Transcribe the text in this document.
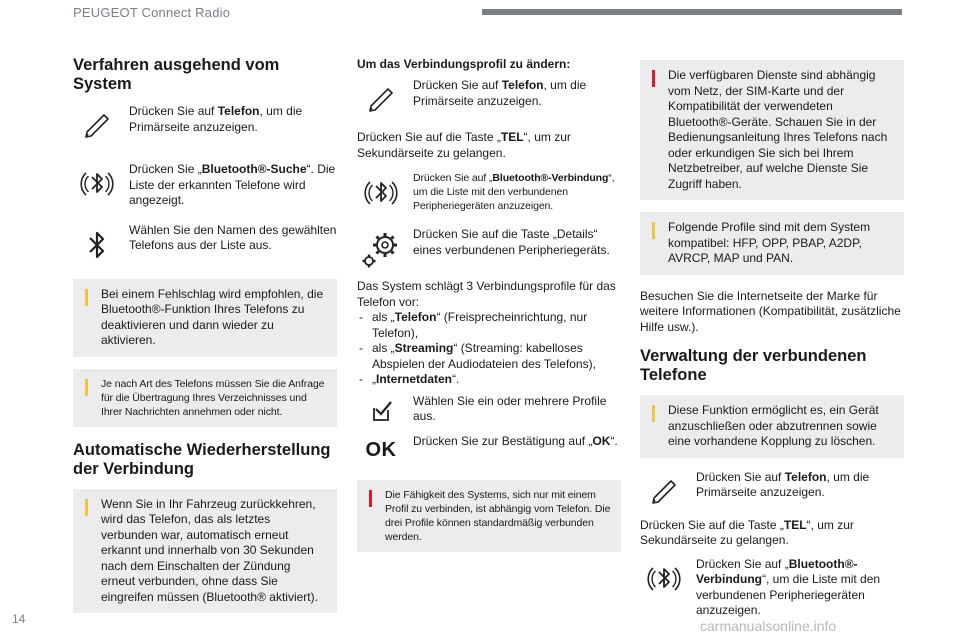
PEUGEOT Connect Radio
Verfahren ausgehend vom System
Drücken Sie auf Telefon, um die Primärseite anzuzeigen.
Drücken Sie „Bluetooth®-Suche“. Die Liste der erkannten Telefone wird angezeigt.
Wählen Sie den Namen des gewählten Telefons aus der Liste aus.

Bei einem Fehlschlag wird empfohlen, die Bluetooth®-Funktion Ihres Telefons zu deaktivieren und dann wieder zu aktivieren.

Je nach Art des Telefons müssen Sie die Anfrage für die Übertragung Ihres Verzeichnisses und Ihrer Nachrichten annehmen oder nicht.

Automatische Wiederherstellung der Verbindung

Wenn Sie in Ihr Fahrzeug zurückkehren, wird das Telefon, das als letztes verbunden war, automatisch erneut erkannt und innerhalb von 30 Sekunden nach dem Einschalten der Zündung erneut verbunden, ohne dass Sie eingreifen müssen (Bluetooth® aktiviert).

Um das Verbindungsprofil zu ändern:
Drücken Sie auf Telefon, um die Primärseite anzuzeigen.

Drücken Sie auf die Taste „TEL“, um zur Sekundärseite zu gelangen.

Drücken Sie auf „Bluetooth®-Verbindung“, um die Liste mit den verbundenen Peripheriegeräten anzuzeigen.
Drücken Sie auf die Taste „Details“ eines verbundenen Peripheriegeräts.

Das System schlägt 3 Verbindungsprofile für das Telefon vor:

- als „Telefon“ (Freisprecheinrichtung, nur Telefon),
- als „Streaming“ (Streaming: kabelloses Abspielen der Audiodateien des Telefons),
- „Internetdaten“.
Wählen Sie ein oder mehrere Profile aus.
OK	Drücken Sie zur Bestätigung auf „OK“.

Die Fähigkeit des Systems, sich nur mit einem Profil zu verbinden, ist abhängig vom Telefon. Die drei Profile können standardmäßig verbunden werden.

Die verfügbaren Dienste sind abhängig vom Netz, der SIM-Karte und der Kompatibilität der verwendeten Bluetooth®-Geräte. Schauen Sie in der Bedienungsanleitung Ihres Telefons nach oder erkundigen Sie sich bei Ihrem Netzbetreiber, auf welche Dienste Sie Zugriff haben.

Folgende Profile sind mit dem System kompatibel: HFP, OPP, PBAP, A2DP, AVRCP, MAP und PAN.

Besuchen Sie die Internetseite der Marke für weitere Informationen (Kompatibilität, zusätzliche Hilfe usw.).

Verwaltung der verbundenen Telefone

Diese Funktion ermöglicht es, ein Gerät anzuschließen oder abzutrennen sowie eine vorhandene Kopplung zu löschen.

Drücken Sie auf Telefon, um die Primärseite anzuzeigen.

Drücken Sie auf die Taste „TEL“, um zur Sekundärseite zu gelangen.

Drücken Sie auf „Bluetooth®-Verbindung“, um die Liste mit den verbundenen Peripheriegeräten anzuzeigen.
14	carmanualsonline.info
